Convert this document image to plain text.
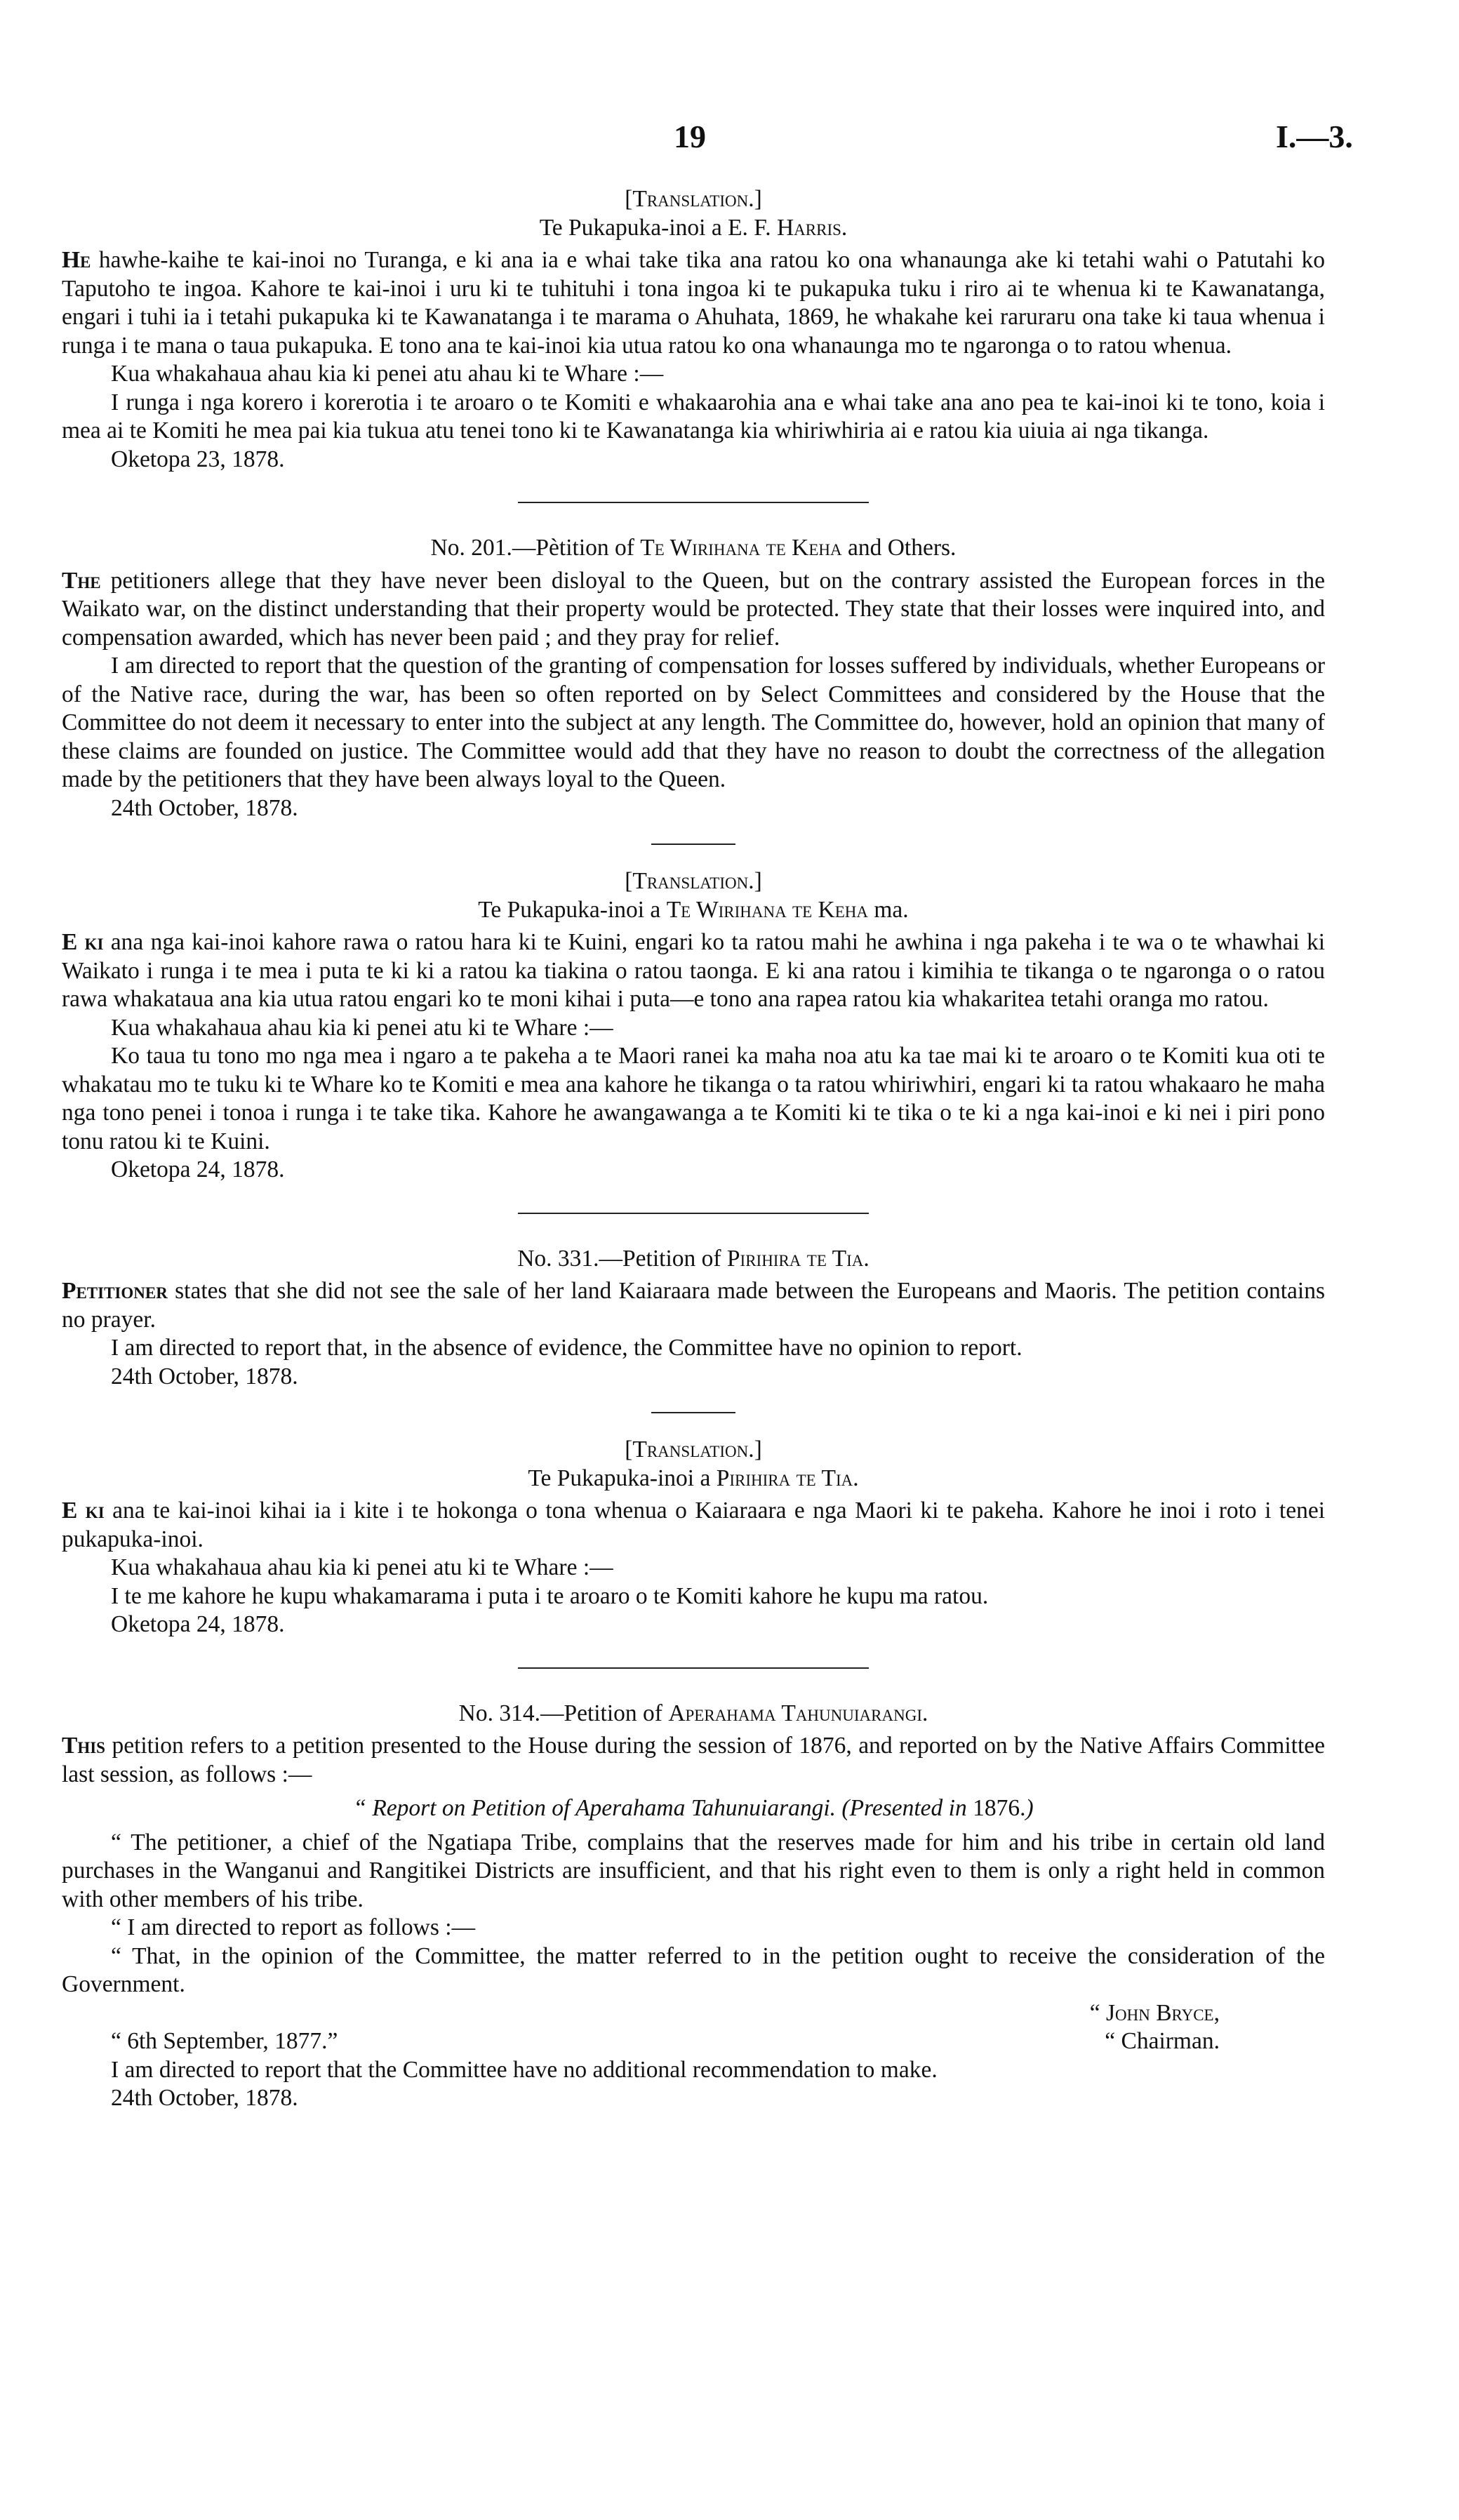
19	I.—3.
[Translation.]
Te Pukapuka-inoi a E. F. Harris.

He hawhe-kaihe te kai-inoi no Turanga, e ki ana ia e whai take tika ana ratou ko ona whanaunga ake ki tetahi wahi o Patutahi ko Taputoho te ingoa. Kahore te kai-inoi i uru ki te tuhituhi i tona ingoa ki te pukapuka tuku i riro ai te whenua ki te Kawanatanga, engari i tuhi ia i tetahi pukapuka ki te Kawanatanga i te marama o Ahuhata, 1869, he whakahe kei raruraru ona take ki taua whenua i runga i te mana o taua pukapuka. E tono ana te kai-inoi kia utua ratou ko ona whanaunga mo te ngaronga o to ratou whenua.

Kua whakahaua ahau kia ki penei atu ahau ki te Whare :—

I runga i nga korero i korerotia i te aroaro o te Komiti e whakaarohia ana e whai take ana ano pea te kai-inoi ki te tono, koia i mea ai te Komiti he mea pai kia tukua atu tenei tono ki te Kawanatanga kia whiriwhiria ai e ratou kia uiuia ai nga tikanga.

Oketopa 23, 1878.

No. 201.—Pètition of Te Wirihana te Keha and Others.

The petitioners allege that they have never been disloyal to the Queen, but on the contrary assisted the European forces in the Waikato war, on the distinct understanding that their property would be protected. They state that their losses were inquired into, and compensation awarded, which has never been paid ; and they pray for relief.

I am directed to report that the question of the granting of compensation for losses suffered by individuals, whether Europeans or of the Native race, during the war, has been so often reported on by Select Committees and considered by the House that the Committee do not deem it necessary to enter into the subject at any length. The Committee do, however, hold an opinion that many of these claims are founded on justice. The Committee would add that they have no reason to doubt the correctness of the allegation made by the petitioners that they have been always loyal to the Queen.

24th October, 1878.

[Translation.]
Te Pukapuka-inoi a Te Wirihana te Keha ma.

E ki ana nga kai-inoi kahore rawa o ratou hara ki te Kuini, engari ko ta ratou mahi he awhina i nga pakeha i te wa o te whawhai ki Waikato i runga i te mea i puta te ki ki a ratou ka tiakina o ratou taonga. E ki ana ratou i kimihia te tikanga o te ngaronga o o ratou rawa whakataua ana kia utua ratou engari ko te moni kihai i puta—e tono ana rapea ratou kia whakaritea tetahi oranga mo ratou.

Kua whakahaua ahau kia ki penei atu ki te Whare :—

Ko taua tu tono mo nga mea i ngaro a te pakeha a te Maori ranei ka maha noa atu ka tae mai ki te aroaro o te Komiti kua oti te whakatau mo te tuku ki te Whare ko te Komiti e mea ana kahore he tikanga o ta ratou whiriwhiri, engari ki ta ratou whakaaro he maha nga tono penei i tonoa i runga i te take tika. Kahore he awangawanga a te Komiti ki te tika o te ki a nga kai-inoi e ki nei i piri pono tonu ratou ki te Kuini.

Oketopa 24, 1878.

No. 331.—Petition of Pirihira te Tia.

Petitioner states that she did not see the sale of her land Kaiaraara made between the Europeans and Maoris. The petition contains no prayer.

I am directed to report that, in the absence of evidence, the Committee have no opinion to report.

24th October, 1878.

[Translation.]
Te Pukapuka-inoi a Pirihira te Tia.

E ki ana te kai-inoi kihai ia i kite i te hokonga o tona whenua o Kaiaraara e nga Maori ki te pakeha. Kahore he inoi i roto i tenei pukapuka-inoi.

Kua whakahaua ahau kia ki penei atu ki te Whare :—

I te me kahore he kupu whakamarama i puta i te aroaro o te Komiti kahore he kupu ma ratou.

Oketopa 24, 1878.

No. 314.—Petition of Aperahama Tahunuiarangi.

This petition refers to a petition presented to the House during the session of 1876, and reported on by the Native Affairs Committee last session, as follows :—

“ Report on Petition of Aperahama Tahunuiarangi. (Presented in 1876.)

“ The petitioner, a chief of the Ngatiapa Tribe, complains that the reserves made for him and his tribe in certain old land purchases in the Wanganui and Rangitikei Districts are insufficient, and that his right even to them is only a right held in common with other members of his tribe.

“ I am directed to report as follows :—

“ That, in the opinion of the Committee, the matter referred to in the petition ought to receive the consideration of the Government.

“ John Bryce,
“ 6th September, 1877.”	“ Chairman.

I am directed to report that the Committee have no additional recommendation to make.

24th October, 1878.
